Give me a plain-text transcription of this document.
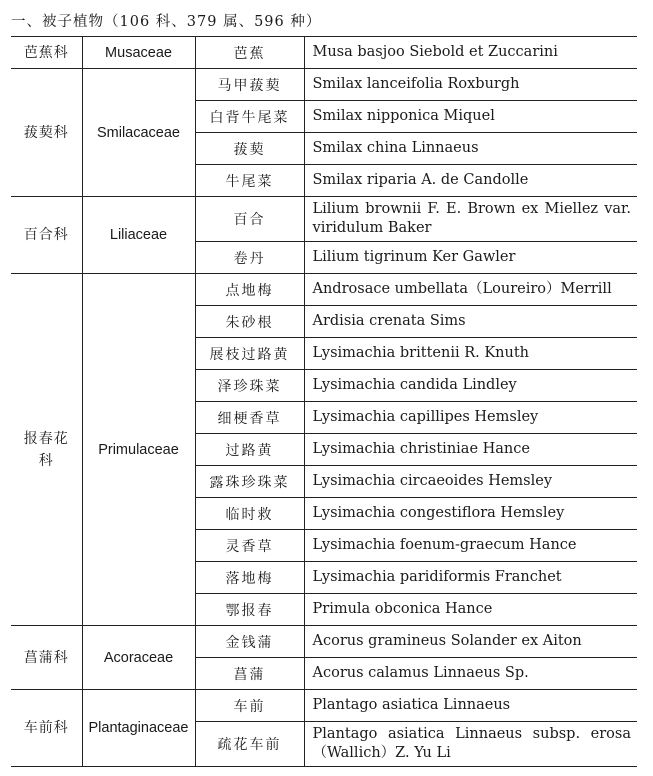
一、被子植物（106 科、379 属、596 种）
芭蕉科	Musaceae	芭蕉	Musa basjoo Siebold et Zuccarini
菝葜科	Smilacaceae	马甲菝葜	Smilax lanceifolia Roxburgh
		白背牛尾菜	Smilax nipponica Miquel
		菝葜	Smilax china Linnaeus
		牛尾菜	Smilax riparia A. de Candolle
百合科	Liliaceae	百合	Lilium brownii F. E. Brown ex Miellez var. viridulum Baker
		卷丹	Lilium tigrinum Ker Gawler
报春花科	Primulaceae	点地梅	Androsace umbellata（Loureiro）Merrill
		朱砂根	Ardisia crenata Sims
		展枝过路黄	Lysimachia brittenii R. Knuth
		泽珍珠菜	Lysimachia candida Lindley
		细梗香草	Lysimachia capillipes Hemsley
		过路黄	Lysimachia christiniae Hance
		露珠珍珠菜	Lysimachia circaeoides Hemsley
		临时救	Lysimachia congestiflora Hemsley
		灵香草	Lysimachia foenum-graecum Hance
		落地梅	Lysimachia paridiformis Franchet
		鄂报春	Primula obconica Hance
菖蒲科	Acoraceae	金钱蒲	Acorus gramineus Solander ex Aiton
		菖蒲	Acorus calamus Linnaeus Sp.
车前科	Plantaginaceae	车前	Plantago asiatica Linnaeus
		疏花车前	Plantago asiatica Linnaeus subsp. erosa（Wallich）Z. Yu Li
